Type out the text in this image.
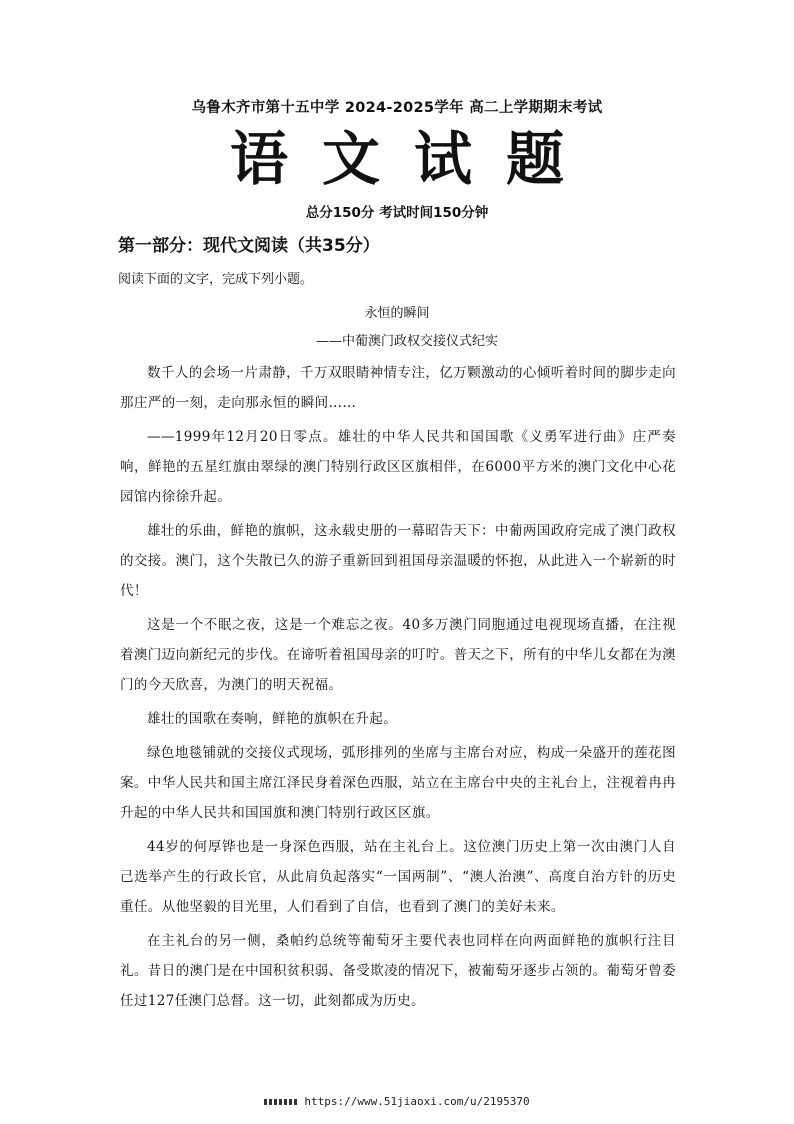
乌鲁木齐市第十五中学 2024-2025学年 高二上学期期末考试
语文试题
总分150分 考试时间150分钟
第一部分：现代文阅读（共35分）
阅读下面的文字，完成下列小题。
永恒的瞬间
——中葡澳门政权交接仪式纪实

数千人的会场一片肃静，千万双眼睛神情专注，亿万颗激动的心倾听着时间的脚步走向那庄严的一刻，走向那永恒的瞬间……

——1999年12月20日零点。雄壮的中华人民共和国国歌《义勇军进行曲》庄严奏响，鲜艳的五星红旗由翠绿的澳门特别行政区区旗相伴，在6000平方米的澳门文化中心花园馆内徐徐升起。

雄壮的乐曲，鲜艳的旗帜，这永载史册的一幕昭告天下：中葡两国政府完成了澳门政权的交接。澳门，这个失散已久的游子重新回到祖国母亲温暖的怀抱，从此进入一个崭新的时代！

这是一个不眠之夜，这是一个难忘之夜。40多万澳门同胞通过电视现场直播，在注视着澳门迈向新纪元的步伐。在谛听着祖国母亲的叮咛。普天之下，所有的中华儿女都在为澳门的今天欣喜，为澳门的明天祝福。

雄壮的国歌在奏响，鲜艳的旗帜在升起。

绿色地毯铺就的交接仪式现场，弧形排列的坐席与主席台对应，构成一朵盛开的莲花图案。中华人民共和国主席江泽民身着深色西服，站立在主席台中央的主礼台上，注视着冉冉升起的中华人民共和国国旗和澳门特别行政区区旗。

44岁的何厚铧也是一身深色西服，站在主礼台上。这位澳门历史上第一次由澳门人自己选举产生的行政长官，从此肩负起落实“一国两制”、“澳人治澳”、高度自治方针的历史重任。从他坚毅的目光里，人们看到了自信，也看到了澳门的美好未来。

在主礼台的另一侧，桑帕约总统等葡萄牙主要代表也同样在向两面鲜艳的旗帜行注目礼。昔日的澳门是在中国积贫积弱、备受欺凌的情况下，被葡萄牙逐步占领的。葡萄牙曾委任过127任澳门总督。这一切，此刻都成为历史。

https://www.51jiaoxi.com/u/2195370
